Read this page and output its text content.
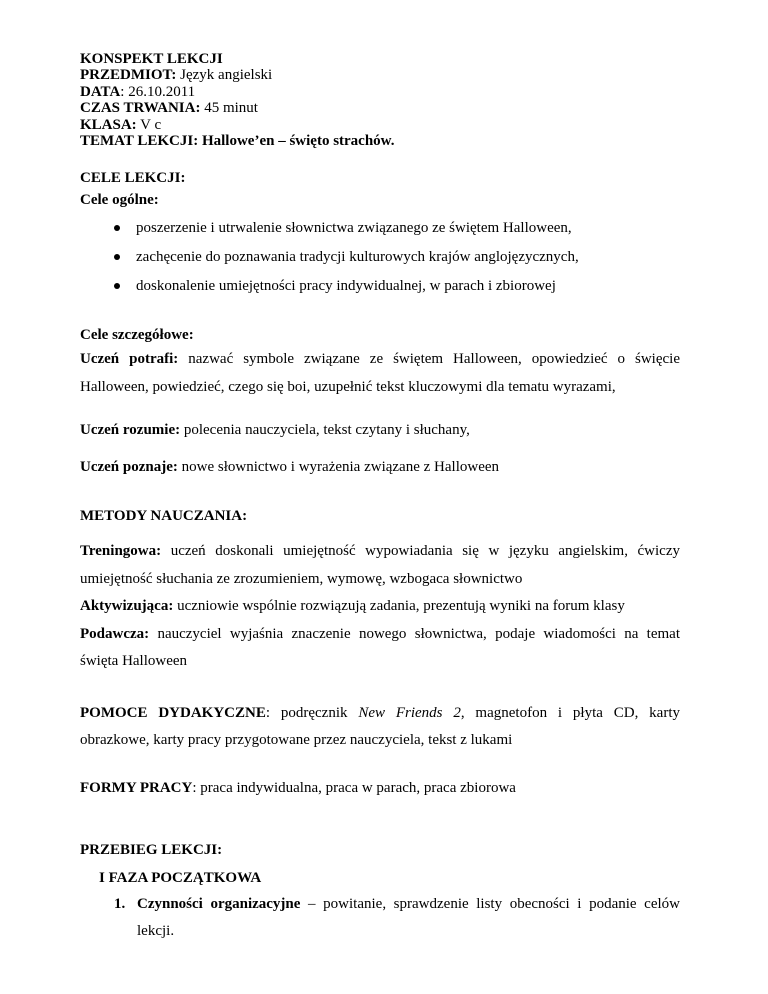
KONSPEKT LEKCJI
PRZEDMIOT: Język angielski
DATA: 26.10.2011
CZAS TRWANIA: 45 minut
KLASA: V c
TEMAT LEKCJI: Hallowe’en – święto strachów.
CELE LEKCJI:
Cele ogólne:
poszerzenie i utrwalenie słownictwa związanego ze świętem Halloween,
zachęcenie do poznawania tradycji kulturowych krajów anglojęzycznych,
doskonalenie umiejętności pracy indywidualnej, w parach i zbiorowej
Cele szczegółowe:
Uczeń potrafi: nazwać symbole związane ze świętem Halloween, opowiedzieć o święcie Halloween, powiedzieć, czego się boi, uzupełnić tekst kluczowymi dla tematu wyrazami,
Uczeń rozumie: polecenia nauczyciela, tekst czytany i słuchany,
Uczeń poznaje: nowe słownictwo i wyrażenia związane z Halloween
METODY NAUCZANIA:
Treningowa: uczeń doskonali umiejętność wypowiadania się w języku angielskim, ćwiczy umiejętność słuchania ze zrozumieniem, wymowę, wzbogaca słownictwo
Aktywizująca: uczniowie wspólnie rozwiązują zadania, prezentują wyniki na forum klasy
Podawcza: nauczyciel wyjaśnia znaczenie nowego słownictwa, podaje wiadomości na temat święta Halloween
POMOCE DYDAKYCZNE: podręcznik New Friends 2, magnetofon i płyta CD, karty obrazkowe, karty pracy przygotowane przez nauczyciela, tekst z lukami
FORMY PRACY: praca indywidualna, praca w parach, praca zbiorowa
PRZEBIEG LEKCJI:
I FAZA POCZĄTKOWA
1. Czynności organizacyjne – powitanie, sprawdzenie listy obecności i podanie celów lekcji.
